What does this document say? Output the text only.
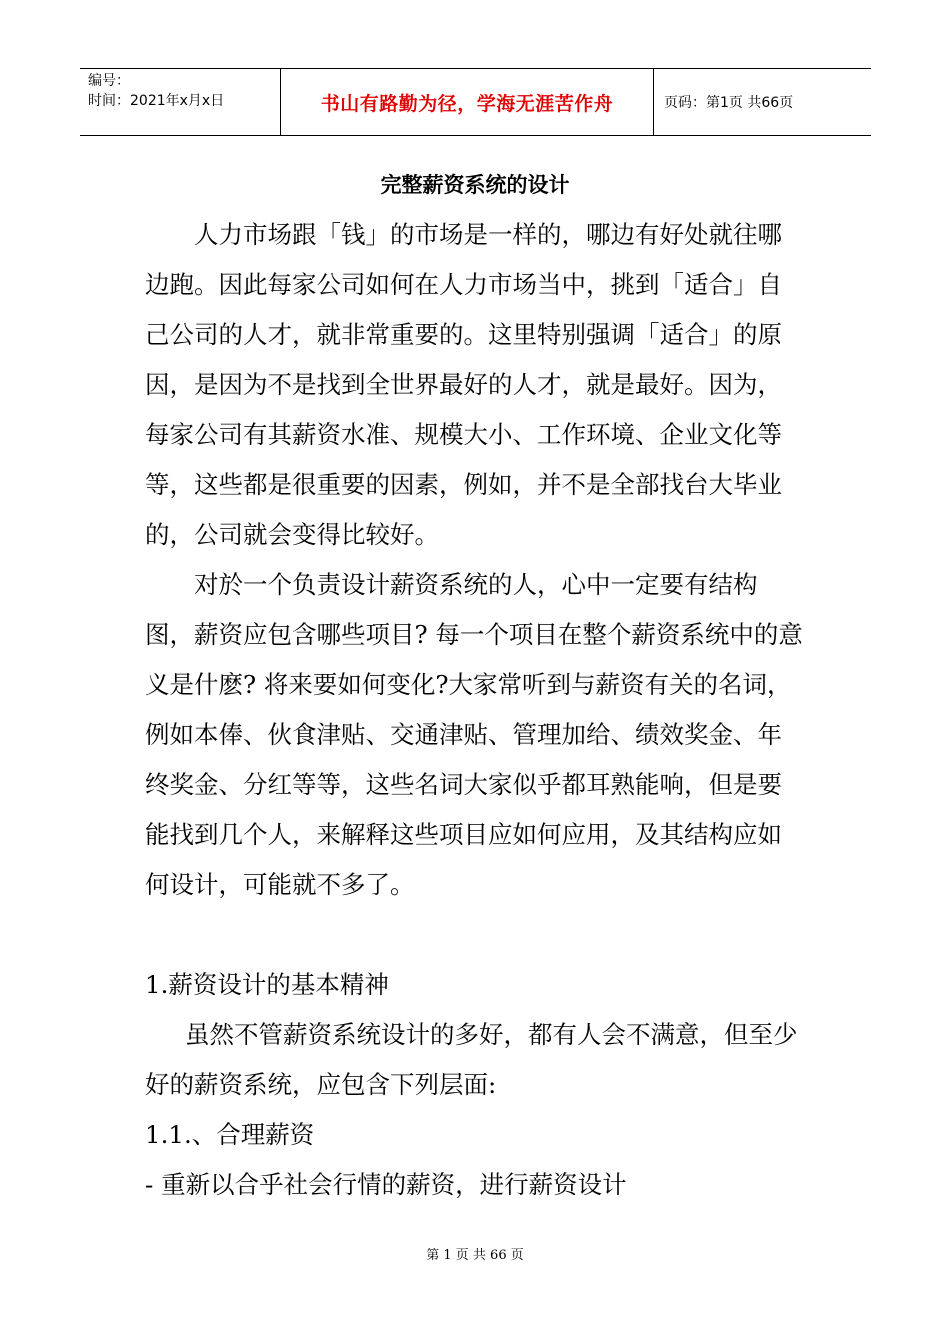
编号：
时间：2021年x月x日	书山有路勤为径，学海无涯苦作舟	页码：第1页 共66页
完整薪资系统的设计

人力市场跟「钱」的市场是一样的，哪边有好处就往哪边跑。因此每家公司如何在人力市场当中，挑到「适合」自己公司的人才，就非常重要的。这里特别强调「适合」的原因，是因为不是找到全世界最好的人才，就是最好。因为，每家公司有其薪资水准、规模大小、工作环境、企业文化等等，这些都是很重要的因素，例如，并不是全部找台大毕业的，公司就会变得比较好。

对於一个负责设计薪资系统的人，心中一定要有结构图，薪资应包含哪些项目? 每一个项目在整个薪资系统中的意义是什麽? 将来要如何变化?大家常听到与薪资有关的名词，例如本俸、伙食津贴、交通津贴、管理加给、绩效奖金、年终奖金、分红等等，这些名词大家似乎都耳熟能响，但是要能找到几个人，来解释这些项目应如何应用，及其结构应如何设计，可能就不多了。

1.薪资设计的基本精神

虽然不管薪资系统设计的多好，都有人会不满意，但至少好的薪资系统，应包含下列层面:

1.1.、合理薪资

- 重新以合乎社会行情的薪资，进行薪资设计

第 1 页 共 66 页
